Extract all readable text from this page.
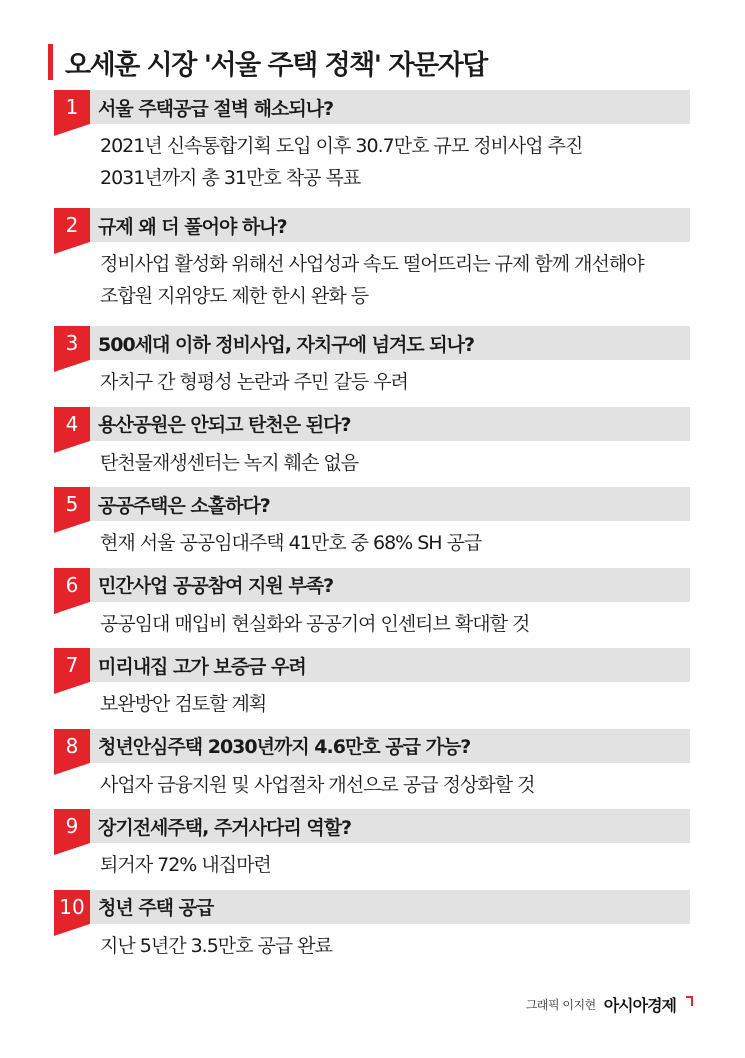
오세훈 시장 '서울 주택 정책' 자문자답
1	서울 주택공급 절벽 해소되나?
2021년 신속통합기획 도입 이후 30.7만호 규모 정비사업 추진
2031년까지 총 31만호 착공 목표
2	규제 왜 더 풀어야 하나?
정비사업 활성화 위해선 사업성과 속도 떨어뜨리는 규제 함께 개선해야
조합원 지위양도 제한 한시 완화 등
3	500세대 이하 정비사업, 자치구에 넘겨도 되나?
자치구 간 형평성 논란과 주민 갈등 우려
4	용산공원은 안되고 탄천은 된다?
탄천물재생센터는 녹지 훼손 없음
5	공공주택은 소홀하다?
현재 서울 공공임대주택 41만호 중 68% SH 공급
6	민간사업 공공참여 지원 부족?
공공임대 매입비 현실화와 공공기여 인센티브 확대할 것
7	미리내집 고가 보증금 우려
보완방안 검토할 계획
8	청년안심주택 2030년까지 4.6만호 공급 가능?
사업자 금융지원 및 사업절차 개선으로 공급 정상화할 것
9	장기전세주택, 주거사다리 역할?
퇴거자 72% 내집마련
10 청년 주택 공급
지난 5년간 3.5만호 공급 완료
그래픽 이지현 아시아경제
